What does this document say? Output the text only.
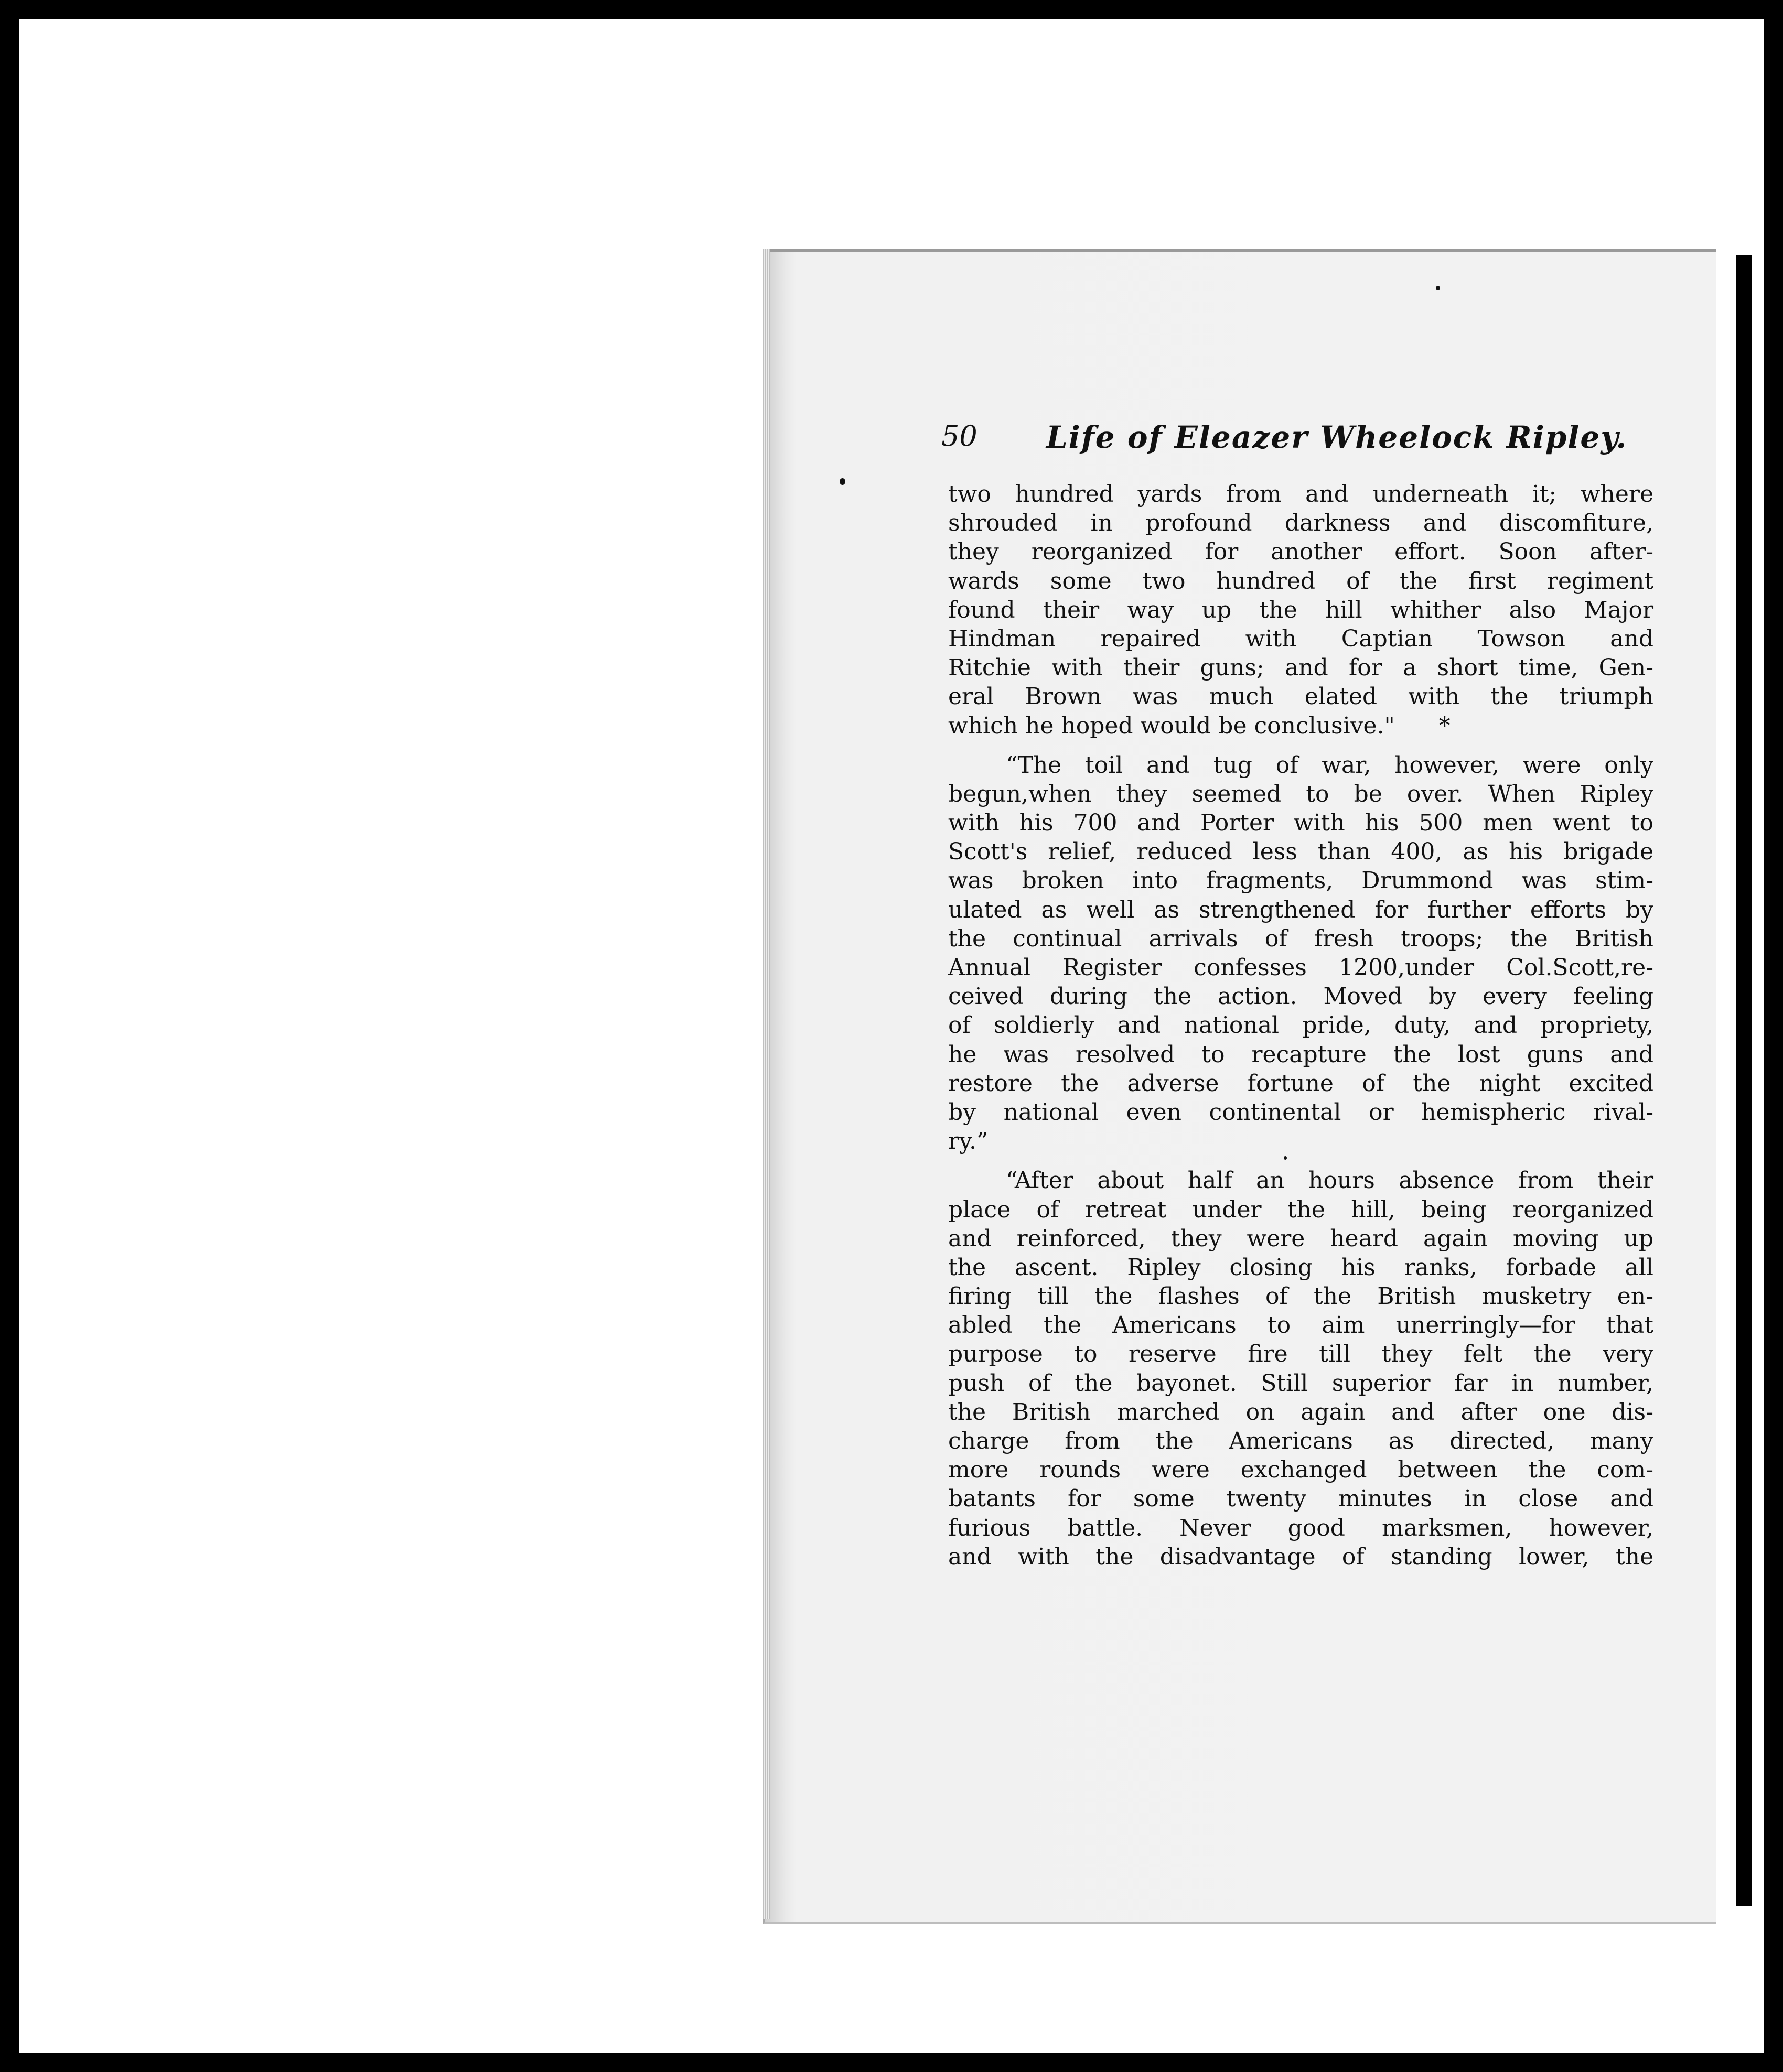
50 Life of Eleazer Wheelock Ripley.
two hundred yards from and underneath it; where
shrouded in profound darkness and discomfiture,
they reorganized for another effort. Soon after-
wards some two hundred of the first regiment
found their way up the hill whither also Major
Hindman repaired with Captian Towson and
Ritchie with their guns; and for a short time, Gen-
eral Brown was much elated with the triumph
which he hoped would be conclusive."      *
“The toil and tug of war, however, were only
begun,when they seemed to be over. When Ripley
with his 700 and Porter with his 500 men went to
Scott's relief, reduced less than 400, as his brigade
was broken into fragments, Drummond was stim-
ulated as well as strengthened for further efforts by
the continual arrivals of fresh troops; the British
Annual Register confesses 1200,under Col.Scott,re-
ceived during the action. Moved by every feeling
of soldierly and national pride, duty, and propriety,
he was resolved to recapture the lost guns and
restore the adverse fortune of the night excited
by national even continental or hemispheric rival-
ry.”
“After about half an hours absence from their
place of retreat under the hill, being reorganized
and reinforced, they were heard again moving up
the ascent. Ripley closing his ranks, forbade all
firing till the flashes of the British musketry en-
abled the Americans to aim unerringly—for that
purpose to reserve fire till they felt the very
push of the bayonet. Still superior far in number,
the British marched on again and after one dis-
charge from the Americans as directed, many
more rounds were exchanged between the com-
batants for some twenty minutes in close and
furious battle. Never good marksmen, however,
and with the disadvantage of standing lower, the
